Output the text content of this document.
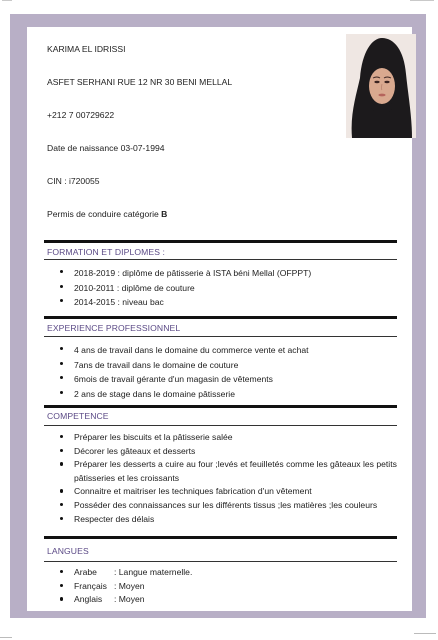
KARIMA EL IDRISSI
ASFET SERHANI RUE 12 NR 30 BENI MELLAL
+212 7 00729622
Date de naissance 03-07-1994
CIN : i720055
Permis de conduire catégorie B
FORMATION ET DIPLOMES :
2018-2019 : diplôme de pâtisserie à ISTA béni Mellal (OFPPT)
2010-2011 : diplôme de couture
2014-2015 : niveau bac
EXPERIENCE PROFESSIONNEL
4 ans de travail dans le domaine du commerce vente et achat
7ans de travail dans le domaine de couture
6mois de travail gérante d'un magasin de vêtements
2 ans de stage dans le domaine pâtisserie
COMPETENCE
Préparer les biscuits et la pâtisserie salée
Décorer les gâteaux et desserts
Préparer les desserts a cuire au four ;levés et feuilletés comme les gâteaux les petits pâtisseries et les croissants
Connaitre et maitriser les techniques fabrication d'un vêtement
Posséder des connaissances sur les différents tissus ;les matières ;les couleurs
Respecter des délais
LANGUES
Arabe : Langue maternelle.
Français : Moyen
Anglais : Moyen
